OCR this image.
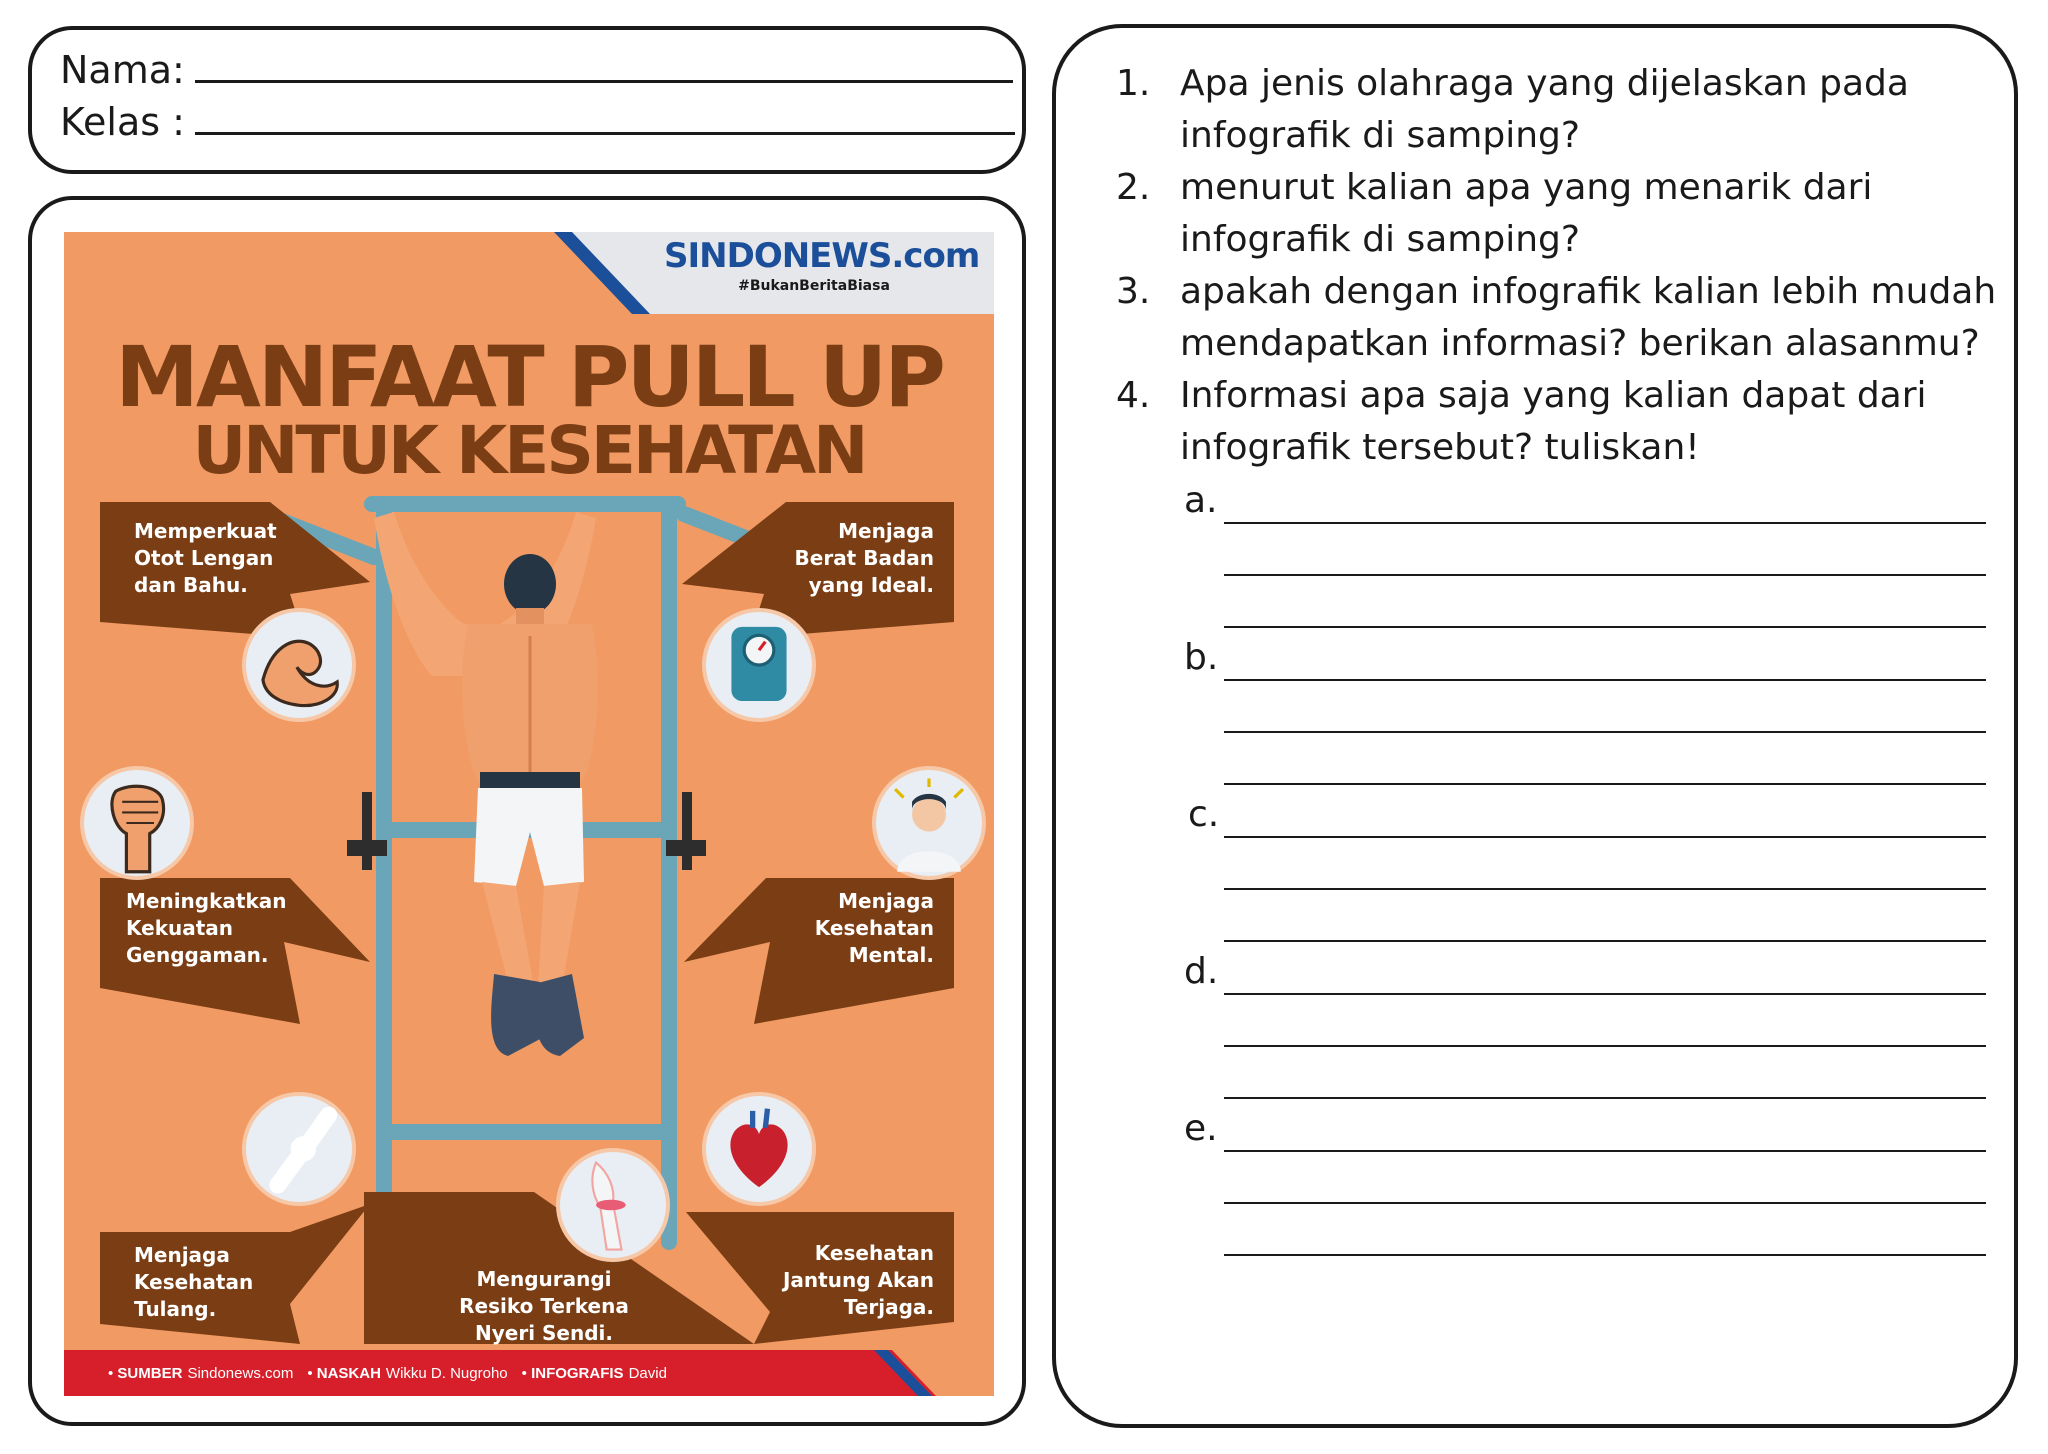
Nama:
Kelas :
SINDONEWS.com
#BukanBeritaBiasa
MANFAAT PULL UP
UNTUK KESEHATAN
Memperkuat
Otot Lengan
dan Bahu.
Menjaga
Berat Badan
yang Ideal.
Meningkatkan
Kekuatan
Genggaman.
Menjaga
Kesehatan
Mental.
Menjaga
Kesehatan
Tulang.
Mengurangi
Resiko Terkena
Nyeri Sendi.
Kesehatan
Jantung Akan
Terjaga.
• SUMBER Sindonews.com • NASKAH Wikku D. Nugroho • INFOGRAFIS David
1. Apa jenis olahraga yang dijelaskan pada infografik di samping?
2. menurut kalian apa yang menarik dari infografik di samping?
3. apakah dengan infografik kalian lebih mudah mendapatkan informasi? berikan alasanmu?
4. Informasi apa saja yang kalian dapat dari infografik tersebut? tuliskan!
a.
b.
c.
d.
e.
